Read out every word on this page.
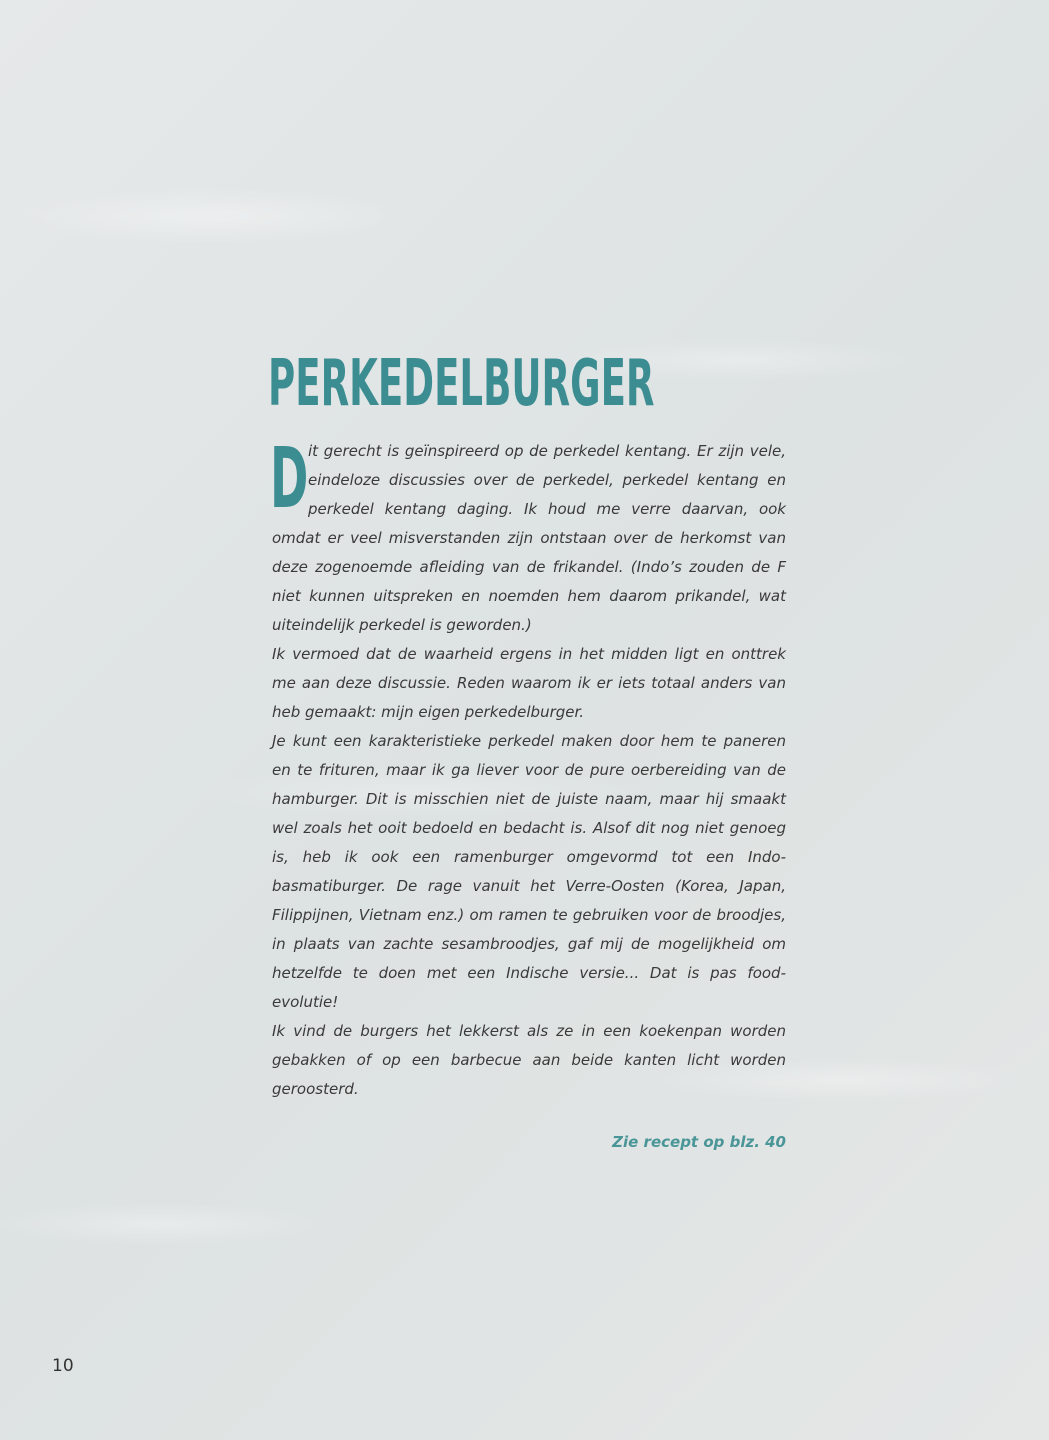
PERKEDELBURGER

Dit gerecht is geïnspireerd op de perkedel kentang. Er zijn vele, eindeloze discussies over de perkedel, perkedel kentang en perkedel kentang daging. Ik houd me verre daarvan, ook omdat er veel misverstanden zijn ontstaan over de herkomst van deze zogenoemde afleiding van de frikandel. (Indo’s zouden de F niet kunnen uitspreken en noemden hem daarom prikandel, wat uiteindelijk perkedel is geworden.)

Ik vermoed dat de waarheid ergens in het midden ligt en onttrek me aan deze discussie. Reden waarom ik er iets totaal anders van heb gemaakt: mijn eigen perkedelburger.

Je kunt een karakteristieke perkedel maken door hem te paneren en te frituren, maar ik ga liever voor de pure oerbereiding van de hamburger. Dit is misschien niet de juiste naam, maar hij smaakt wel zoals het ooit bedoeld en bedacht is. Alsof dit nog niet genoeg is, heb ik ook een ramenburger omgevormd tot een Indo-basmatiburger. De rage vanuit het Verre-Oosten (Korea, Japan, Filippijnen, Vietnam enz.) om ramen te gebruiken voor de broodjes, in plaats van zachte sesambroodjes, gaf mij de mogelijkheid om hetzelfde te doen met een Indische versie... Dat is pas food-evolutie!

Ik vind de burgers het lekkerst als ze in een koekenpan worden gebakken of op een barbecue aan beide kanten licht worden geroosterd.

Zie recept op blz. 40
10
